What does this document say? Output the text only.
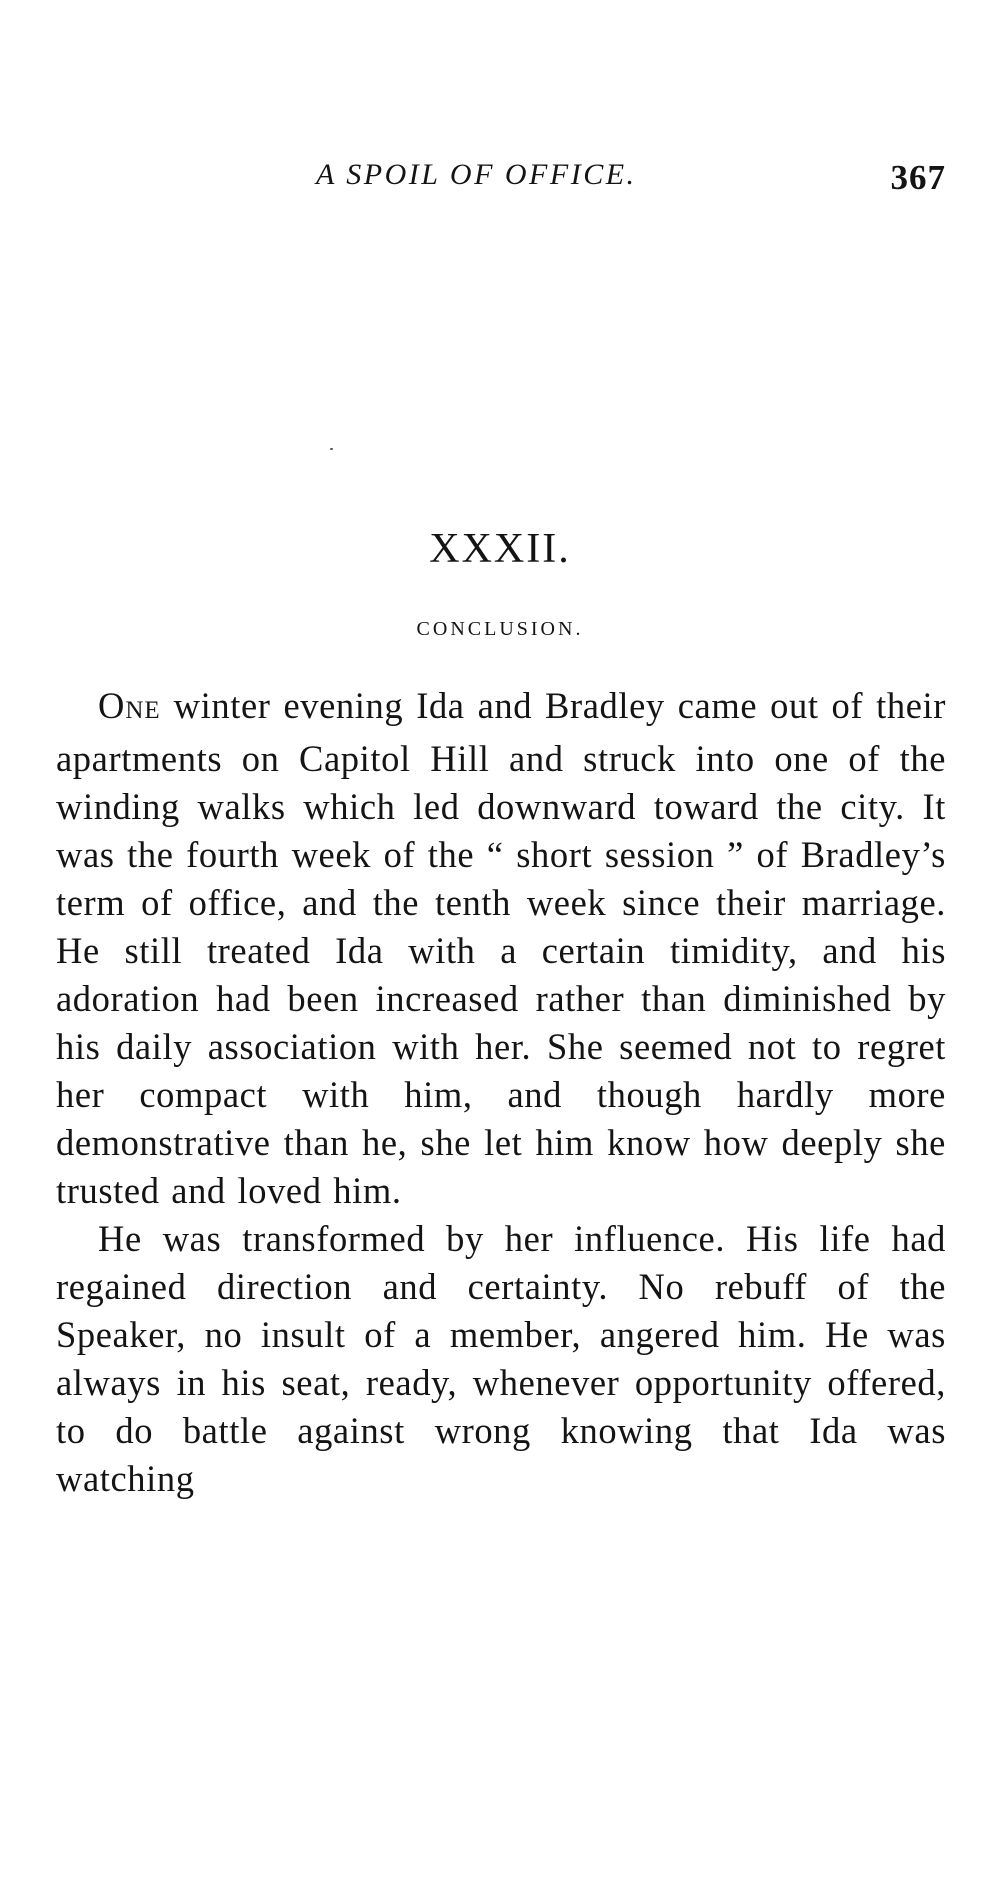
A SPOIL OF OFFICE.	367
XXXII.
CONCLUSION.

ONE winter evening Ida and Bradley came out of their apartments on Capitol Hill and struck into one of the winding walks which led downward toward the city. It was the fourth week of the “ short session ” of Bradley’s term of office, and the tenth week since their marriage. He still treated Ida with a certain timidity, and his adoration had been increased rather than diminished by his daily association with her. She seemed not to regret her compact with him, and though hardly more demonstrative than he, she let him know how deeply she trusted and loved him.

He was transformed by her influence. His life had regained direction and certainty. No rebuff of the Speaker, no insult of a member, angered him. He was always in his seat, ready, whenever opportunity offered, to do battle against wrong knowing that Ida was watching
